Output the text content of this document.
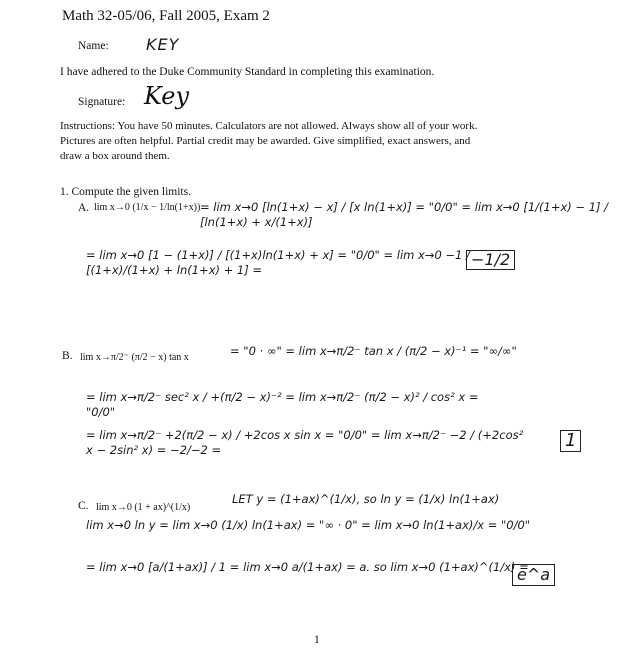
Math 32-05/06, Fall 2005, Exam 2
Name: KEY
I have adhered to the Duke Community Standard in completing this examination.
Signature: Key
Instructions: You have 50 minutes. Calculators are not allowed. Always show all of your work.
Pictures are often helpful. Partial credit may be awarded. Give simplified, exact answers, and
draw a box around them.
1. Compute the given limits.
A. lim x→0 (1/x − 1/ln(1+x)) = lim x→0 [ln(1+x) − x] / [x ln(1+x)] = "0/0" = lim x→0 [1/(1+x) − 1] / [ln(1+x) + x/(1+x)]
= lim x→0 [1 − (1+x)] / [(1+x)ln(1+x) + x] = "0/0" = lim x→0 −1 / [(1+x)/(1+x) + ln(1+x) + 1] =
−1/2
B. lim x→π/2⁻ (π/2 − x) tan x	= "0 · ∞" = lim x→π/2⁻ tan x / (π/2 − x)⁻¹ = "∞/∞"
= lim x→π/2⁻ sec² x / +(π/2 − x)⁻² = lim x→π/2⁻ (π/2 − x)² / cos² x = "0/0"
= lim x→π/2⁻ +2(π/2 − x) / +2cos x sin x = "0/0" = lim x→π/2⁻ −2 / (+2cos² x − 2sin² x) = −2/−2 =	1
C. lim x→0 (1 + ax)^(1/x)
LET y = (1+ax)^(1/x), so ln y = (1/x) ln(1+ax)
lim x→0 ln y = lim x→0 (1/x) ln(1+ax) = "∞ · 0" = lim x→0 ln(1+ax)/x = "0/0"
= lim x→0 [a/(1+ax)] / 1 = lim x→0 a/(1+ax) = a. so lim x→0 (1+ax)^(1/x) =
e^a
1
